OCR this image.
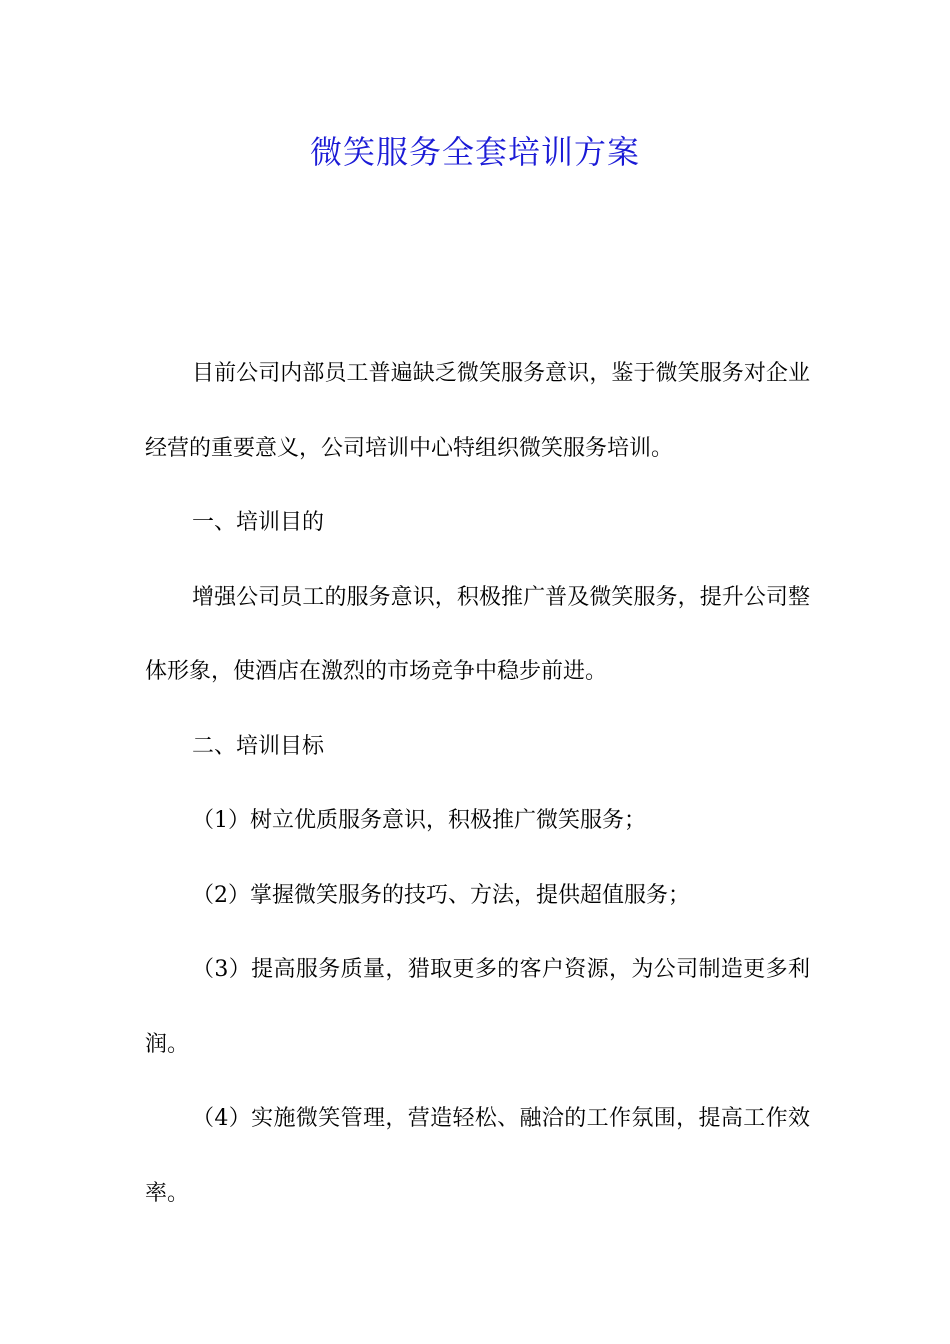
微笑服务全套培训方案

目前公司内部员工普遍缺乏微笑服务意识，鉴于微笑服务对企业经营的重要意义，公司培训中心特组织微笑服务培训。

一、培训目的

增强公司员工的服务意识，积极推广普及微笑服务，提升公司整体形象，使酒店在激烈的市场竞争中稳步前进。

二、培训目标

（1）树立优质服务意识，积极推广微笑服务；

（2）掌握微笑服务的技巧、方法，提供超值服务；

（3）提高服务质量，猎取更多的客户资源，为公司制造更多利润。

（4）实施微笑管理，营造轻松、融洽的工作氛围，提高工作效率。
